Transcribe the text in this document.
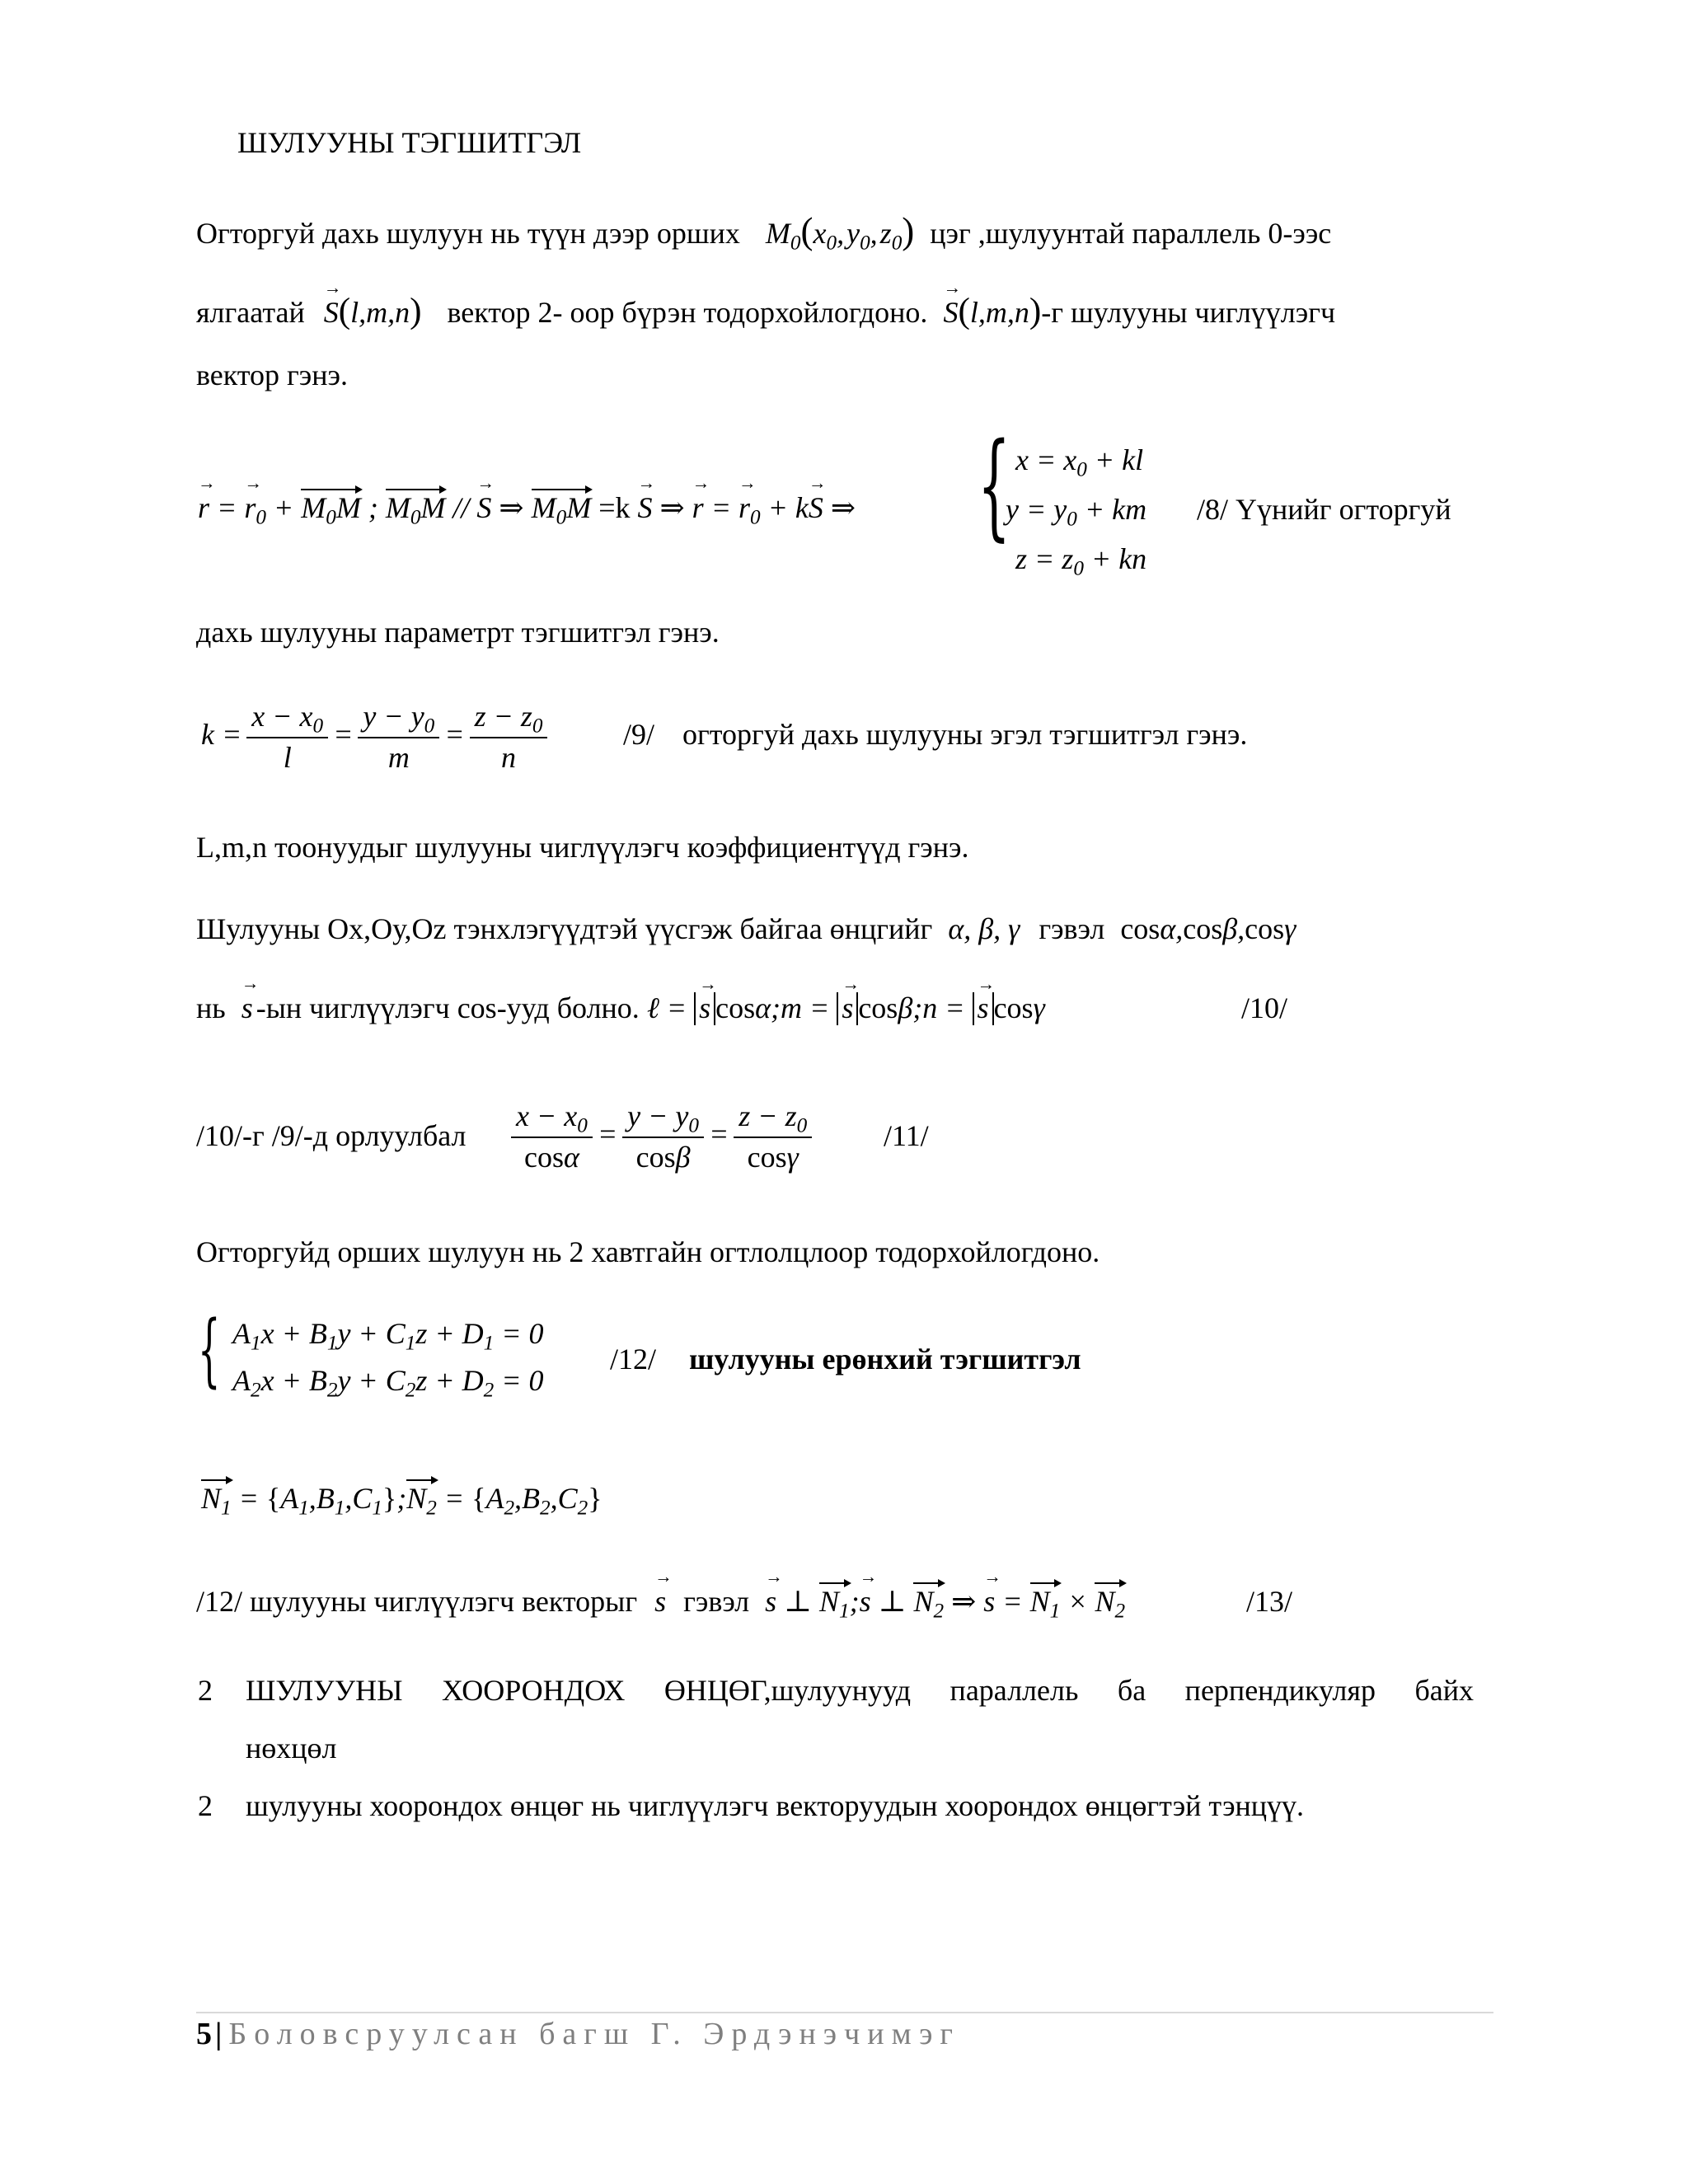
ШУЛУУНЫ ТЭГШИТГЭЛ
Огторгуй дахь шулуун нь түүн дээр орших $M_0(x_0$, $y_0$, $z_0$) цэг ,шулуунтай параллель 0-ээс
ялгаатай → S(l,m,n) вектор 2- оор бүрэн тодорхойлогдоно. → S(l,m,n)-г шулууны чиглүүлэгч
вектор гэнэ.
→ r = → $r_0 + M_0M$ ; $M_0M$ // → S ⇒ $M_0M =k \to S$ ⇒ → r = → $r_0 + k\to S$ ⇒ { $x = x_0$ + kl
$y = y_0$ + km
$z = z_0$ + kn
/8/ Үүнийг огторгуй
дахь шулууны параметрт тэгшитгэл гэнэ.
$k = \frac{x - x_0}{l} = \frac{y - y_0}{m} = \frac{z - z_0}{n}$	/9/ огторгуй дахь шулууны эгэл тэгшитгэл гэнэ.
L,m,n тоонуудыг шулууны чиглүүлэгч коэффициентүүд гэнэ.
Шулууны Ох,Оу,Оz тэнхлэгүүдтэй үүсгэж байгаа өнцгийг α, β, γ гэвэл cosα,cosβ,cosγ
нь → s -ын чиглүүлэгч cos-ууд болно. ℓ = → s cosα;m = → s cosβ;n = → s cosγ	/10/
/10/-г /9/-д орлуулбал $\frac{x - x_0}{\cos\alpha} = \frac{y - y_0}{\cos\beta} = \frac{z - z_0}{\cos\gamma} /11/$
Огторгуйд орших шулуун нь 2 хавтгайн огтлолцлоор тодорхойлогдоно.
{ $A_1x + B_1y + C_1z + D_1 = 0$
$A_2x + B_2y + C_2z + D_2 = 0$
/12/ шулууны ерөнхий тэгшитгэл
$N_1$ = $\{A_1,B_1,C_1\};N_2 = \{A_2,B_2,C_2\}$
/12/ шулууны чиглүүлэгч векторыг → s гэвэл → s ⊥ $N_1;\to s$ ⊥ $N_2$ ⇒ → $s = N_1 \times N_2$	/13/
2 ШУЛУУНЫ ХООРОНДОХ ӨНЦӨГ,шулуунууд параллель ба перпендикуляр байх
нөхцөл
2 шулууны хоорондох өнцөг нь чиглүүлэгч векторуудын хоорондох өнцөгтэй тэнцүү.
5 | Боловсруулсан багш Г. Эрдэнэчимэг
